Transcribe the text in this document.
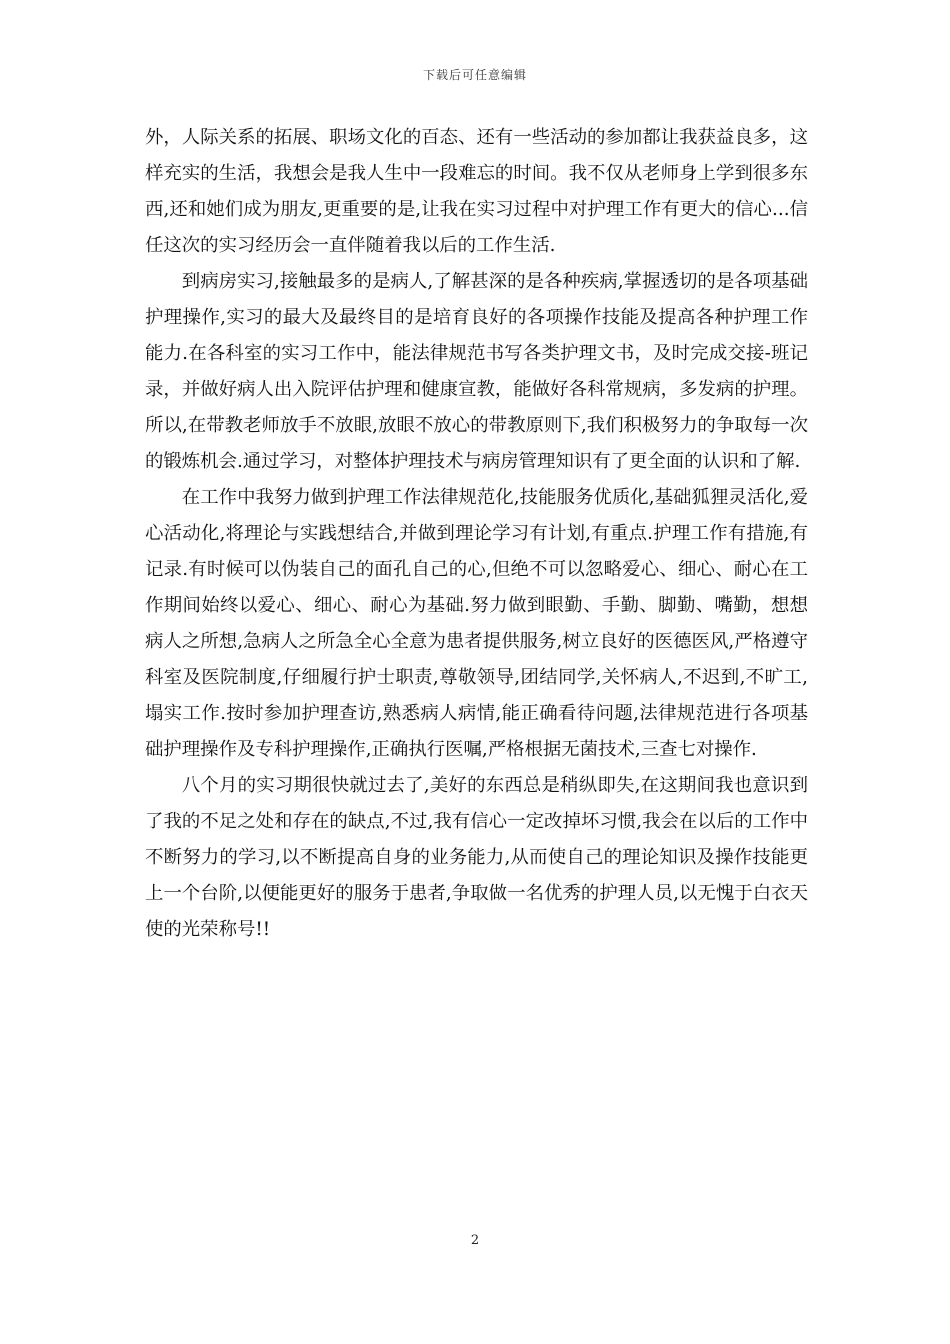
下载后可任意编辑

外，人际关系的拓展、职场文化的百态、还有一些活动的参加都让我获益良多，这样充实的生活，我想会是我人生中一段难忘的时间。我不仅从老师身上学到很多东西,还和她们成为朋友,更重要的是,让我在实习过程中对护理工作有更大的信心...信任这次的实习经历会一直伴随着我以后的工作生活.

到病房实习,接触最多的是病人,了解甚深的是各种疾病,掌握透切的是各项基础护理操作,实习的最大及最终目的是培育良好的各项操作技能及提高各种护理工作能力.在各科室的实习工作中，能法律规范书写各类护理文书，及时完成交接-班记录，并做好病人出入院评估护理和健康宣教，能做好各科常规病，多发病的护理。所以,在带教老师放手不放眼,放眼不放心的带教原则下,我们积极努力的争取每一次的锻炼机会.通过学习，对整体护理技术与病房管理知识有了更全面的认识和了解.

在工作中我努力做到护理工作法律规范化,技能服务优质化,基础狐狸灵活化,爱心活动化,将理论与实践想结合,并做到理论学习有计划,有重点.护理工作有措施,有记录.有时候可以伪装自己的面孔自己的心,但绝不可以忽略爱心、细心、耐心在工作期间始终以爱心、细心、耐心为基础.努力做到眼勤、手勤、脚勤、嘴勤，想想病人之所想,急病人之所急全心全意为患者提供服务,树立良好的医德医风,严格遵守科室及医院制度,仔细履行护士职责,尊敬领导,团结同学,关怀病人,不迟到,不旷工,塌实工作.按时参加护理查访,熟悉病人病情,能正确看待问题,法律规范进行各项基础护理操作及专科护理操作,正确执行医嘱,严格根据无菌技术,三查七对操作.

八个月的实习期很快就过去了,美好的东西总是稍纵即失,在这期间我也意识到了我的不足之处和存在的缺点,不过,我有信心一定改掉坏习惯,我会在以后的工作中不断努力的学习,以不断提高自身的业务能力,从而使自己的理论知识及操作技能更上一个台阶,以便能更好的服务于患者,争取做一名优秀的护理人员,以无愧于白衣天使的光荣称号!!

2
